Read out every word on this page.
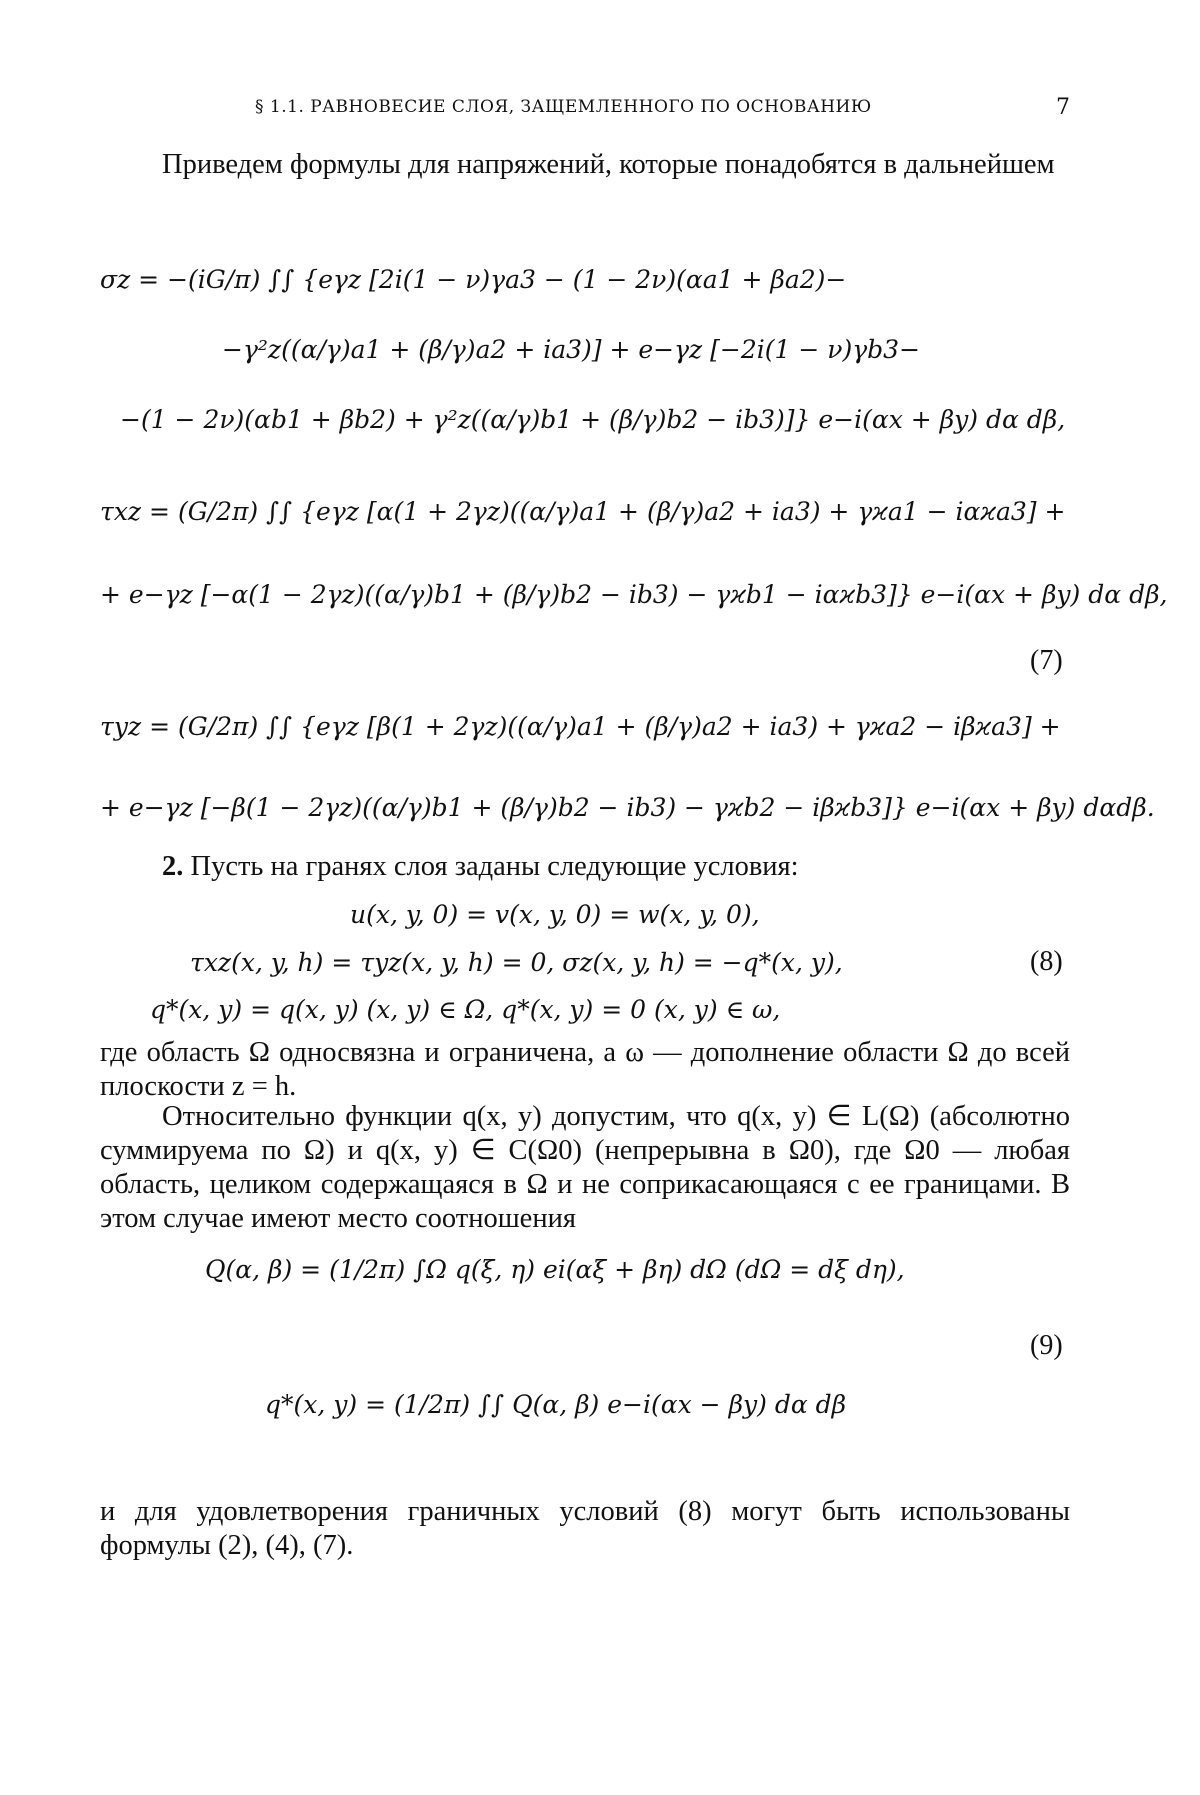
§ 1.1. РАВНОВЕСИЕ СЛОЯ, ЗАЩЕМЛЕННОГО ПО ОСНОВАНИЮ	7

Приведем формулы для напряжений, которые понадобятся в дальнейшем

σz = −(iG/π) ∫∫ {eγz [2i(1 − ν)γa3 − (1 − 2ν)(αa1 + βa2)−
−γ²z((α/γ)a1 + (β/γ)a2 + ia3)] + e−γz [−2i(1 − ν)γb3−
−(1 − 2ν)(αb1 + βb2) + γ²z((α/γ)b1 + (β/γ)b2 − ib3)]} e−i(αx + βy) dα dβ,
τxz = (G/2π) ∫∫ {eγz [α(1 + 2γz)((α/γ)a1 + (β/γ)a2 + ia3) + γϰa1 − iαϰa3] +
+ e−γz [−α(1 − 2γz)((α/γ)b1 + (β/γ)b2 − ib3) − γϰb1 − iαϰb3]} e−i(αx + βy) dα dβ,
(7)
τyz = (G/2π) ∫∫ {eγz [β(1 + 2γz)((α/γ)a1 + (β/γ)a2 + ia3) + γϰa2 − iβϰa3] +
+ e−γz [−β(1 − 2γz)((α/γ)b1 + (β/γ)b2 − ib3) − γϰb2 − iβϰb3]} e−i(αx + βy) dαdβ.

2. Пусть на гранях слоя заданы следующие условия:

u(x, y, 0) = v(x, y, 0) = w(x, y, 0),
τxz(x, y, h) = τyz(x, y, h) = 0, σz(x, y, h) = −q*(x, y),	(8)
q*(x, y) = q(x, y) (x, y) ∈ Ω, q*(x, y) = 0 (x, y) ∈ ω,

где область Ω односвязна и ограничена, а ω — дополнение области Ω до всей плоскости z = h.

Относительно функции q(x, y) допустим, что q(x, y) ∈ L(Ω) (абсолютно суммируема по Ω) и q(x, y) ∈ C(Ω0) (непрерывна в Ω0), где Ω0 — любая область, целиком содержащаяся в Ω и не соприкасающаяся с ее границами. В этом случае имеют место соотношения

Q(α, β) = (1/2π) ∫Ω q(ξ, η) ei(αξ + βη) dΩ (dΩ = dξ dη),
(9)
q*(x, y) = (1/2π) ∫∫ Q(α, β) e−i(αx − βy) dα dβ

и для удовлетворения граничных условий (8) могут быть использованы формулы (2), (4), (7).
